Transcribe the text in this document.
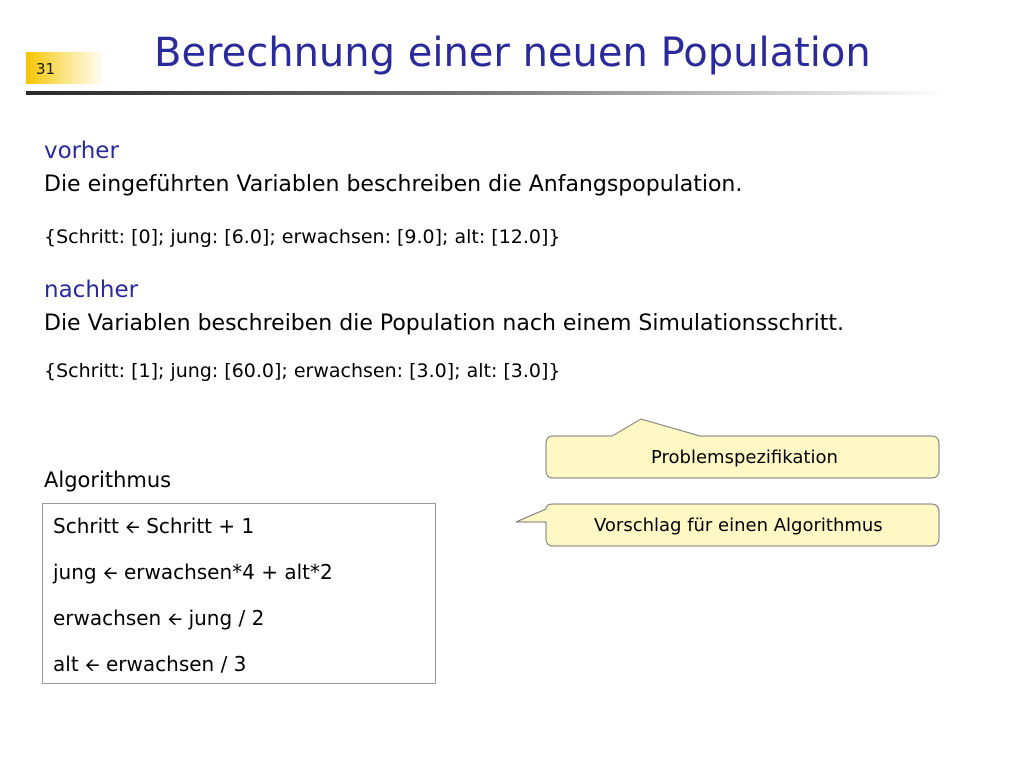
31	Berechnung einer neuen Population
vorher
Die eingeführten Variablen beschreiben die Anfangspopulation.
{Schritt: [0]; jung: [6.0]; erwachsen: [9.0]; alt: [12.0]}
nachher
Die Variablen beschreiben die Population nach einem Simulationsschritt.
{Schritt: [1]; jung: [60.0]; erwachsen: [3.0]; alt: [3.0]}
Algorithmus
Schritt 🡨 Schritt + 1
jung 🡨 erwachsen*4 + alt*2
erwachsen 🡨 jung / 2
alt 🡨 erwachsen / 3
Problemspezifikation
Vorschlag für einen Algorithmus
